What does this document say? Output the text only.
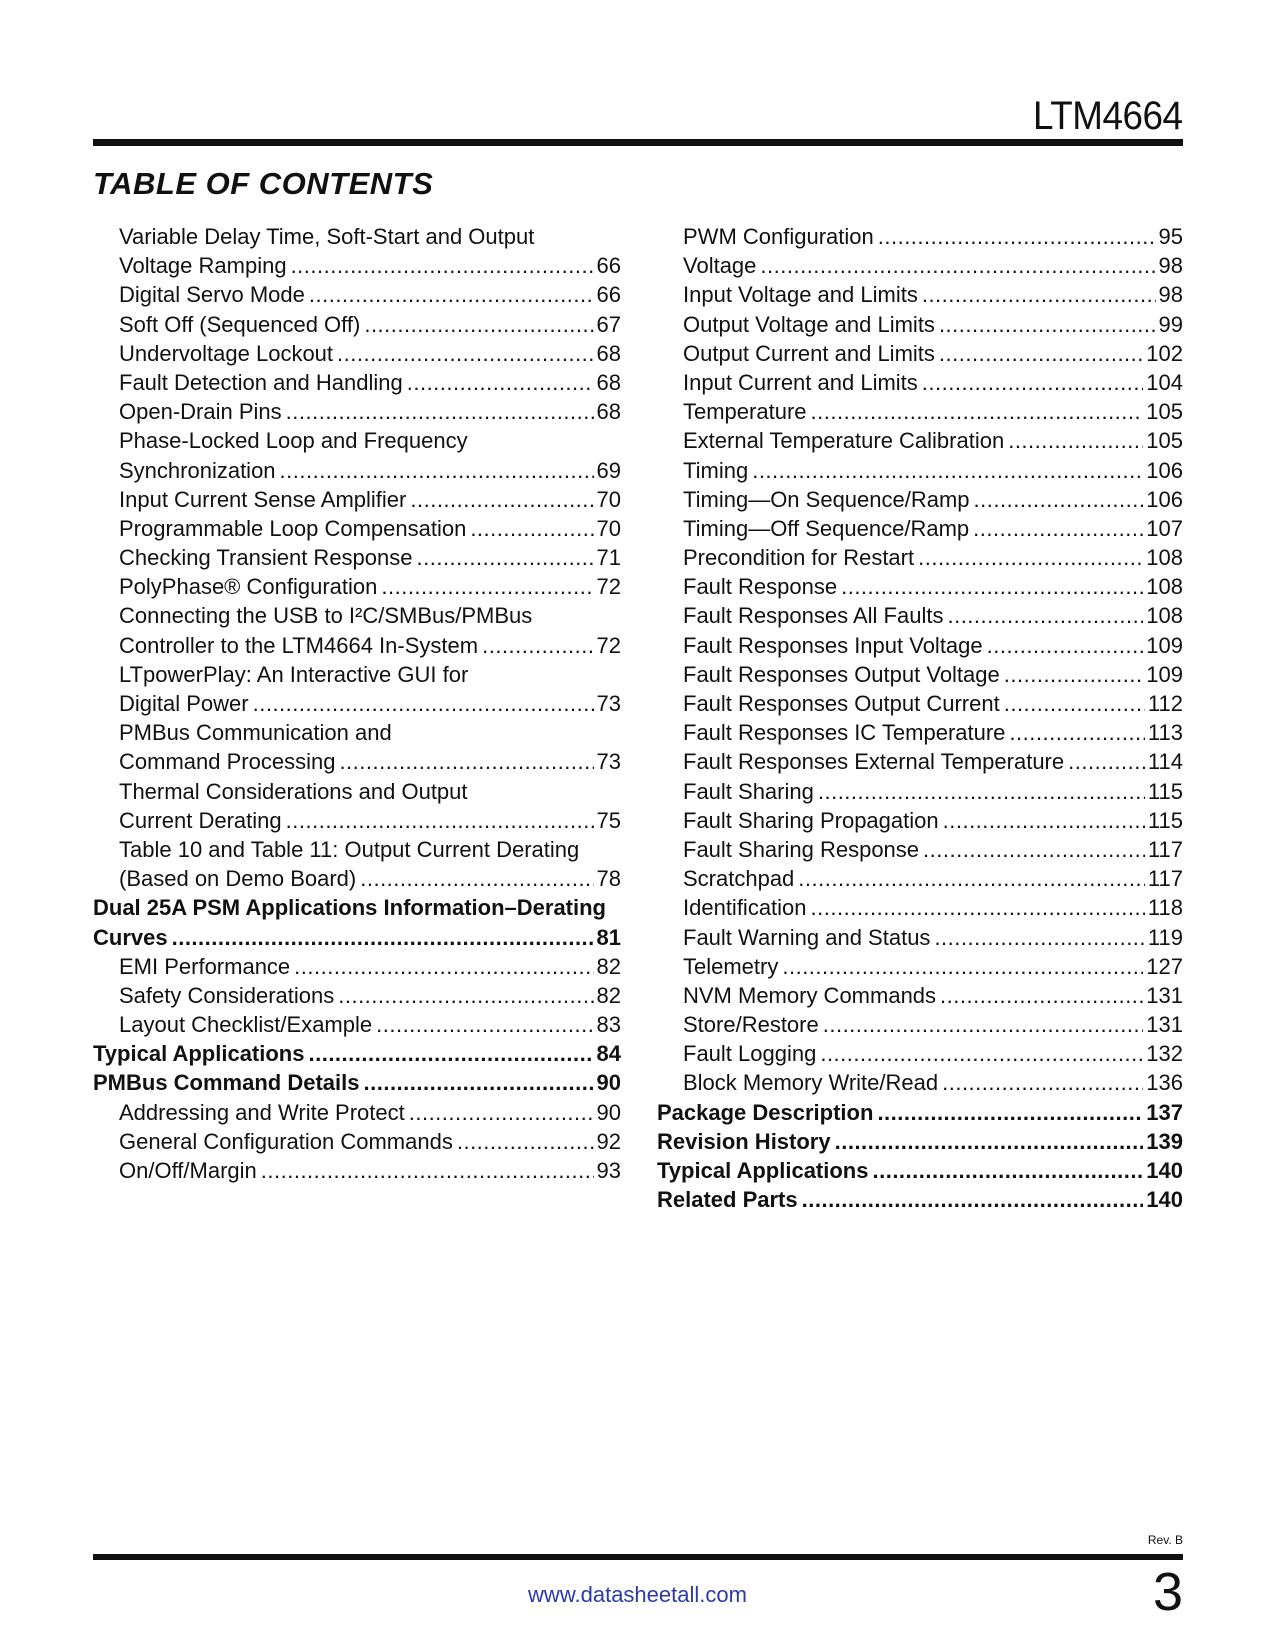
LTM4664
TABLE OF CONTENTS
Variable Delay Time, Soft-Start and Output
Voltage Ramping .....	66
Digital Servo Mode .....	66
Soft Off (Sequenced Off) .....	67
Undervoltage Lockout .....	68
Fault Detection and Handling .....	68
Open-Drain Pins .....	68
Phase-Locked Loop and Frequency
Synchronization .....	69
Input Current Sense Amplifier .....	70
Programmable Loop Compensation .....	70
Checking Transient Response .....	71
PolyPhase® Configuration .....	72
Connecting the USB to I²C/SMBus/PMBus
Controller to the LTM4664 In-System .....	72
LTpowerPlay: An Interactive GUI for
Digital Power .....	73
PMBus Communication and
Command Processing .....	73
Thermal Considerations and Output
Current Derating .....	75
Table 10 and Table 11: Output Current Derating
(Based on Demo Board) .....	78
Dual 25A PSM Applications Information–Derating
Curves .....	81
EMI Performance .....	82
Safety Considerations .....	82
Layout Checklist/Example .....	83
Typical Applications .....	84
PMBus Command Details .....	90
Addressing and Write Protect .....	90
General Configuration Commands .....	92
On/Off/Margin .....	93
PWM Configuration .....	95
Voltage .....	98
Input Voltage and Limits .....	98
Output Voltage and Limits .....	99
Output Current and Limits .....	102
Input Current and Limits .....	104
Temperature .....	105
External Temperature Calibration .....	105
Timing .....	106
Timing—On Sequence/Ramp .....	106
Timing—Off Sequence/Ramp .....	107
Precondition for Restart .....	108
Fault Response .....	108
Fault Responses All Faults .....	108
Fault Responses Input Voltage .....	109
Fault Responses Output Voltage .....	109
Fault Responses Output Current .....	112
Fault Responses IC Temperature .....	113
Fault Responses External Temperature .....	114
Fault Sharing .....	115
Fault Sharing Propagation .....	115
Fault Sharing Response .....	117
Scratchpad .....	117
Identification .....	118
Fault Warning and Status .....	119
Telemetry .....	127
NVM Memory Commands .....	131
Store/Restore .....	131
Fault Logging .....	132
Block Memory Write/Read .....	136
Package Description .....	137
Revision History .....	139
Typical Applications .....	140
Related Parts .....	140
Rev. B
www.datasheetall.com	3
